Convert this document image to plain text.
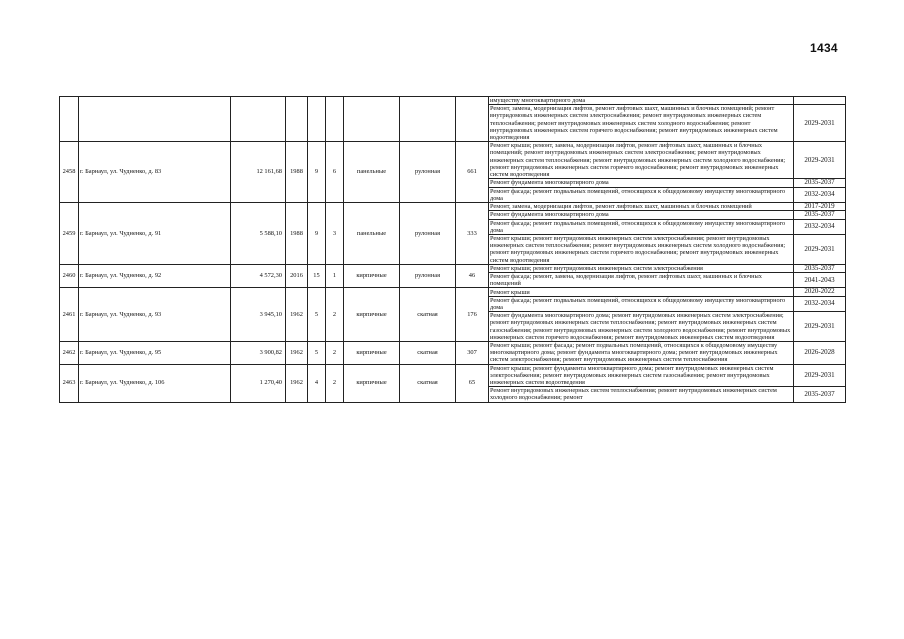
1434
									имуществу многоквартирного дома	
									Ремонт, замена, модернизация лифтов, ремонт лифтовых шахт, машинных и блочных помещений; ремонт внутридомовых инженерных систем электроснабжения; ремонт внутридомовых инженерных систем теплоснабжения; ремонт внутридомовых инженерных систем холодного водоснабжения; ремонт внутридомовых инженерных систем горячего водоснабжения; ремонт внутридомовых инженерных систем водоотведения	2029-2031
2458	г. Барнаул, ул. Чудненко, д. 83	12 161,68	1988	9	6	панельные	рулонная	661	Ремонт крыши; ремонт, замена, модернизация лифтов, ремонт лифтовых шахт, машинных и блочных помещений; ремонт внутридомовых инженерных систем электроснабжения; ремонт внутридомовых инженерных систем теплоснабжения; ремонт внутридомовых инженерных систем холодного водоснабжения; ремонт внутридомовых инженерных систем горячего водоснабжения; ремонт внутридомовых инженерных систем водоотведения	2029-2031
									Ремонт фундамента многоквартирного дома	2035-2037
									Ремонт фасада; ремонт подвальных помещений, относящихся к общедомовому имуществу многоквартирного дома	2032-2034
2459	г. Барнаул, ул. Чудненко, д. 91	5 588,10	1988	9	3	панельные	рулонная	333	Ремонт, замена, модернизация лифтов, ремонт лифтовых шахт, машинных и блочных помещений	2017-2019
									Ремонт фундамента многоквартирного дома	2035-2037
									Ремонт фасада; ремонт подвальных помещений, относящихся к общедомовому имуществу многоквартирного дома	2032-2034
									Ремонт крыши; ремонт внутридомовых инженерных систем электроснабжения; ремонт внутридомовых инженерных систем теплоснабжения; ремонт внутридомовых инженерных систем холодного водоснабжения; ремонт внутридомовых инженерных систем горячего водоснабжения; ремонт внутридомовых инженерных систем водоотведения	2029-2031
2460	г. Барнаул, ул. Чудненко, д. 92	4 572,30	2016	15	1	кирпичные	рулонная	46	Ремонт крыши; ремонт внутридомовых инженерных систем электроснабжения	2035-2037
									Ремонт фасада; ремонт, замена, модернизация лифтов, ремонт лифтовых шахт, машинных и блочных помещений	2041-2043
2461	г. Барнаул, ул. Чудненко, д. 93	3 945,10	1962	5	2	кирпичные	скатная	176	Ремонт крыши	2020-2022
									Ремонт фасада; ремонт подвальных помещений, относящихся к общедомовому имуществу многоквартирного дома	2032-2034
									Ремонт фундамента многоквартирного дома; ремонт внутридомовых инженерных систем электроснабжения; ремонт внутридомовых инженерных систем теплоснабжения; ремонт внутридомовых инженерных систем газоснабжения; ремонт внутридомовых инженерных систем холодного водоснабжения; ремонт внутридомовых инженерных систем горячего водоснабжения; ремонт внутридомовых инженерных систем водоотведения	2029-2031
2462	г. Барнаул, ул. Чудненко, д. 95	3 900,82	1962	5	2	кирпичные	скатная	307	Ремонт крыши; ремонт фасада; ремонт подвальных помещений, относящихся к общедомовому имуществу многоквартирного дома; ремонт фундамента многоквартирного дома; ремонт внутридомовых инженерных систем электроснабжения; ремонт внутридомовых инженерных систем теплоснабжения	2026-2028
2463	г. Барнаул, ул. Чудненко, д. 106	1 270,40	1962	4	2	кирпичные	скатная	65	Ремонт крыши; ремонт фундамента многоквартирного дома; ремонт внутридомовых инженерных систем электроснабжения; ремонт внутридомовых инженерных систем газоснабжения; ремонт внутридомовых инженерных систем водоотведения	2029-2031
									Ремонт внутридомовых инженерных систем теплоснабжения; ремонт внутридомовых инженерных систем холодного водоснабжения; ремонт	2035-2037
